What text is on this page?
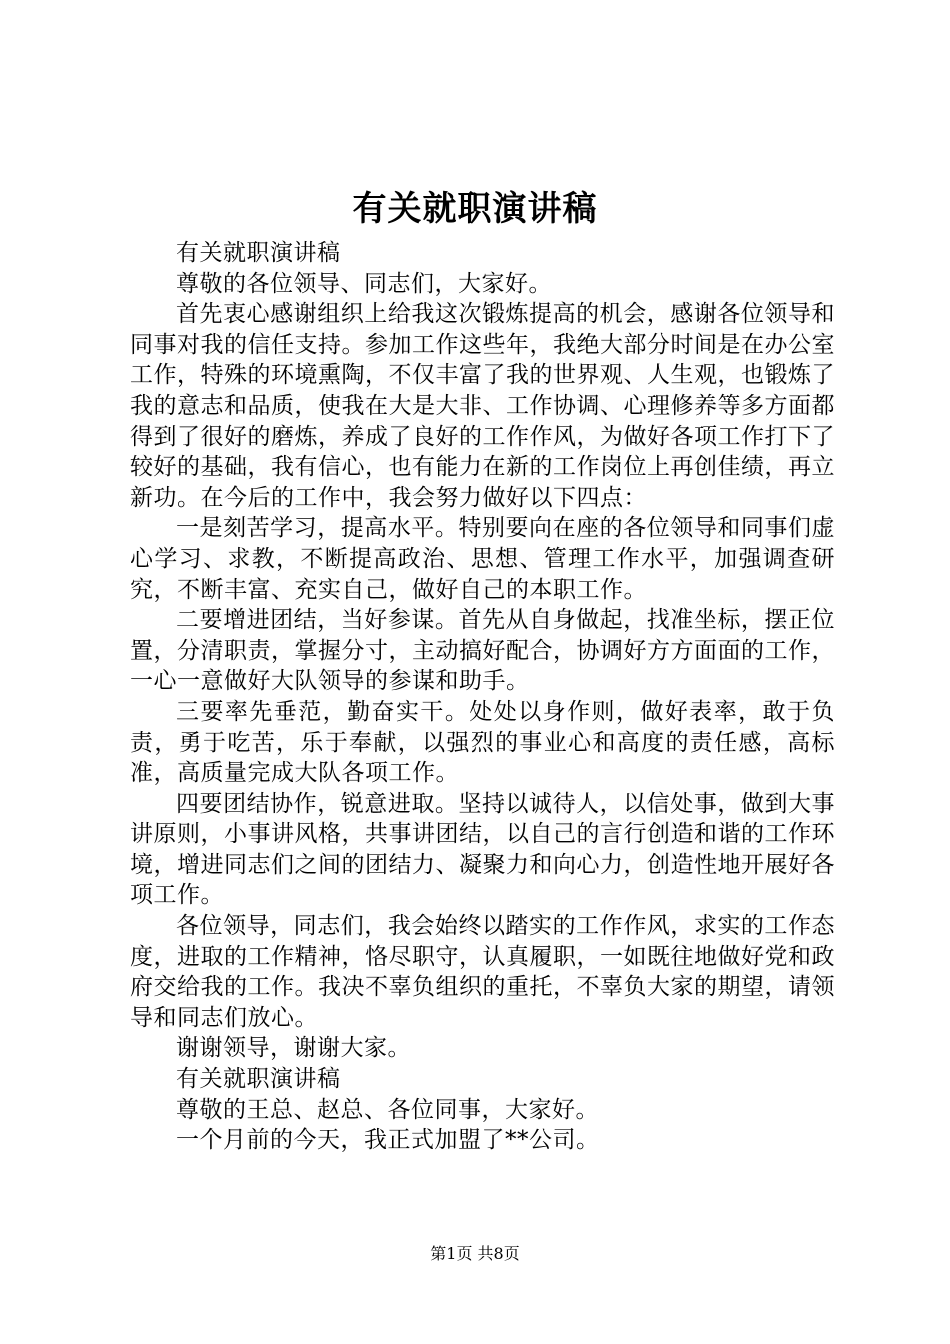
有关就职演讲稿

有关就职演讲稿

尊敬的各位领导、同志们，大家好。

首先衷心感谢组织上给我这次锻炼提高的机会，感谢各位领导和同事对我的信任支持。参加工作这些年，我绝大部分时间是在办公室工作，特殊的环境熏陶，不仅丰富了我的世界观、人生观，也锻炼了我的意志和品质，使我在大是大非、工作协调、心理修养等多方面都得到了很好的磨炼，养成了良好的工作作风，为做好各项工作打下了较好的基础，我有信心，也有能力在新的工作岗位上再创佳绩，再立新功。在今后的工作中，我会努力做好以下四点：

一是刻苦学习，提高水平。特别要向在座的各位领导和同事们虚心学习、求教，不断提高政治、思想、管理工作水平，加强调查研究，不断丰富、充实自己，做好自己的本职工作。

二要增进团结，当好参谋。首先从自身做起，找准坐标，摆正位置，分清职责，掌握分寸，主动搞好配合，协调好方方面面的工作，一心一意做好大队领导的参谋和助手。

三要率先垂范，勤奋实干。处处以身作则，做好表率，敢于负责，勇于吃苦，乐于奉献，以强烈的事业心和高度的责任感，高标准，高质量完成大队各项工作。

四要团结协作，锐意进取。坚持以诚待人，以信处事，做到大事讲原则，小事讲风格，共事讲团结，以自己的言行创造和谐的工作环境，增进同志们之间的团结力、凝聚力和向心力，创造性地开展好各项工作。

各位领导，同志们，我会始终以踏实的工作作风，求实的工作态度，进取的工作精神，恪尽职守，认真履职，一如既往地做好党和政府交给我的工作。我决不辜负组织的重托，不辜负大家的期望，请领导和同志们放心。

谢谢领导，谢谢大家。

有关就职演讲稿

尊敬的王总、赵总、各位同事，大家好。

一个月前的今天，我正式加盟了**公司。

第1页 共8页
